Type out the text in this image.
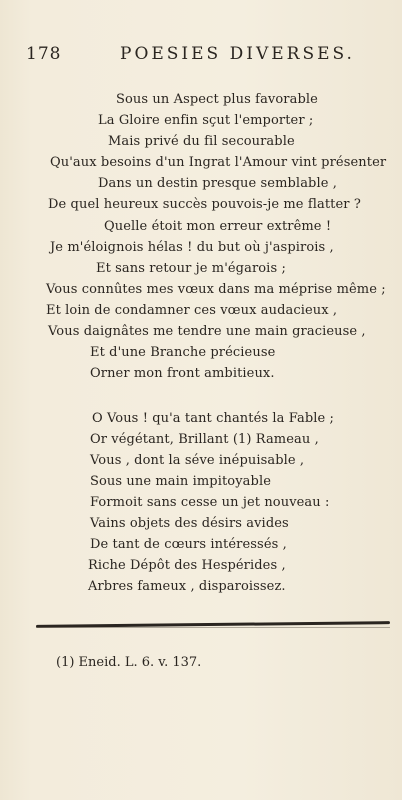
178	POESIES DIVERSES.
Sous un Aspect plus favorable
La Gloire enfin sçut l'emporter ;
Mais privé du fil secourable
Qu'aux besoins d'un Ingrat l'Amour vint présenter
Dans un destin presque semblable ,
De quel heureux succès pouvois-je me flatter ?
Quelle étoit mon erreur extrême !
Je m'éloignois hélas ! du but où j'aspirois ,
Et sans retour je m'égarois ;
Vous connûtes mes vœux dans ma méprise même ;
Et loin de condamner ces vœux audacieux ,
Vous daignâtes me tendre une main gracieuse ,
Et d'une Branche précieuse
Orner mon front ambitieux.
O Vous ! qu'a tant chantés la Fable ;
Or végétant, Brillant (1) Rameau ,
Vous , dont la séve inépuisable ,
Sous une main impitoyable
Formoit sans cesse un jet nouveau :
Vains objets des désirs avides
De tant de cœurs intéressés ,
Riche Dépôt des Hespérides ,
Arbres fameux , disparoissez.
(1) Eneid. L. 6. v. 137.
